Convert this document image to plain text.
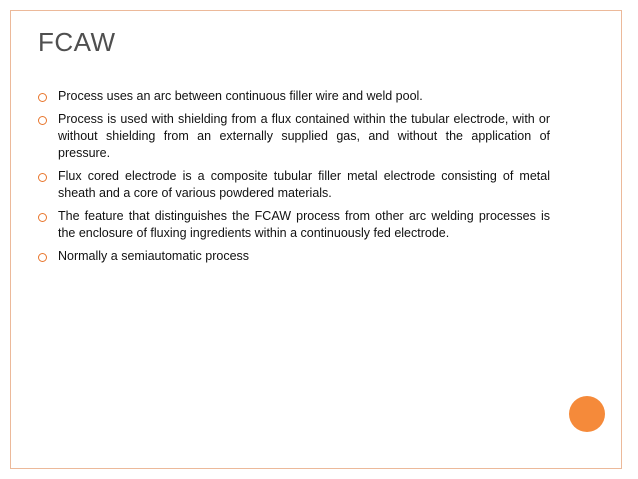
FCAW
Process uses an arc between continuous filler wire and weld pool.
Process is used with shielding from a flux contained within the tubular electrode, with or without shielding from an externally supplied gas, and without the application of pressure.
Flux cored electrode is a composite tubular filler metal electrode consisting of metal sheath and a core of various powdered materials.
The feature that distinguishes the FCAW process from other arc welding processes is the enclosure of fluxing ingredients within a continuously fed electrode.
Normally a semiautomatic process
